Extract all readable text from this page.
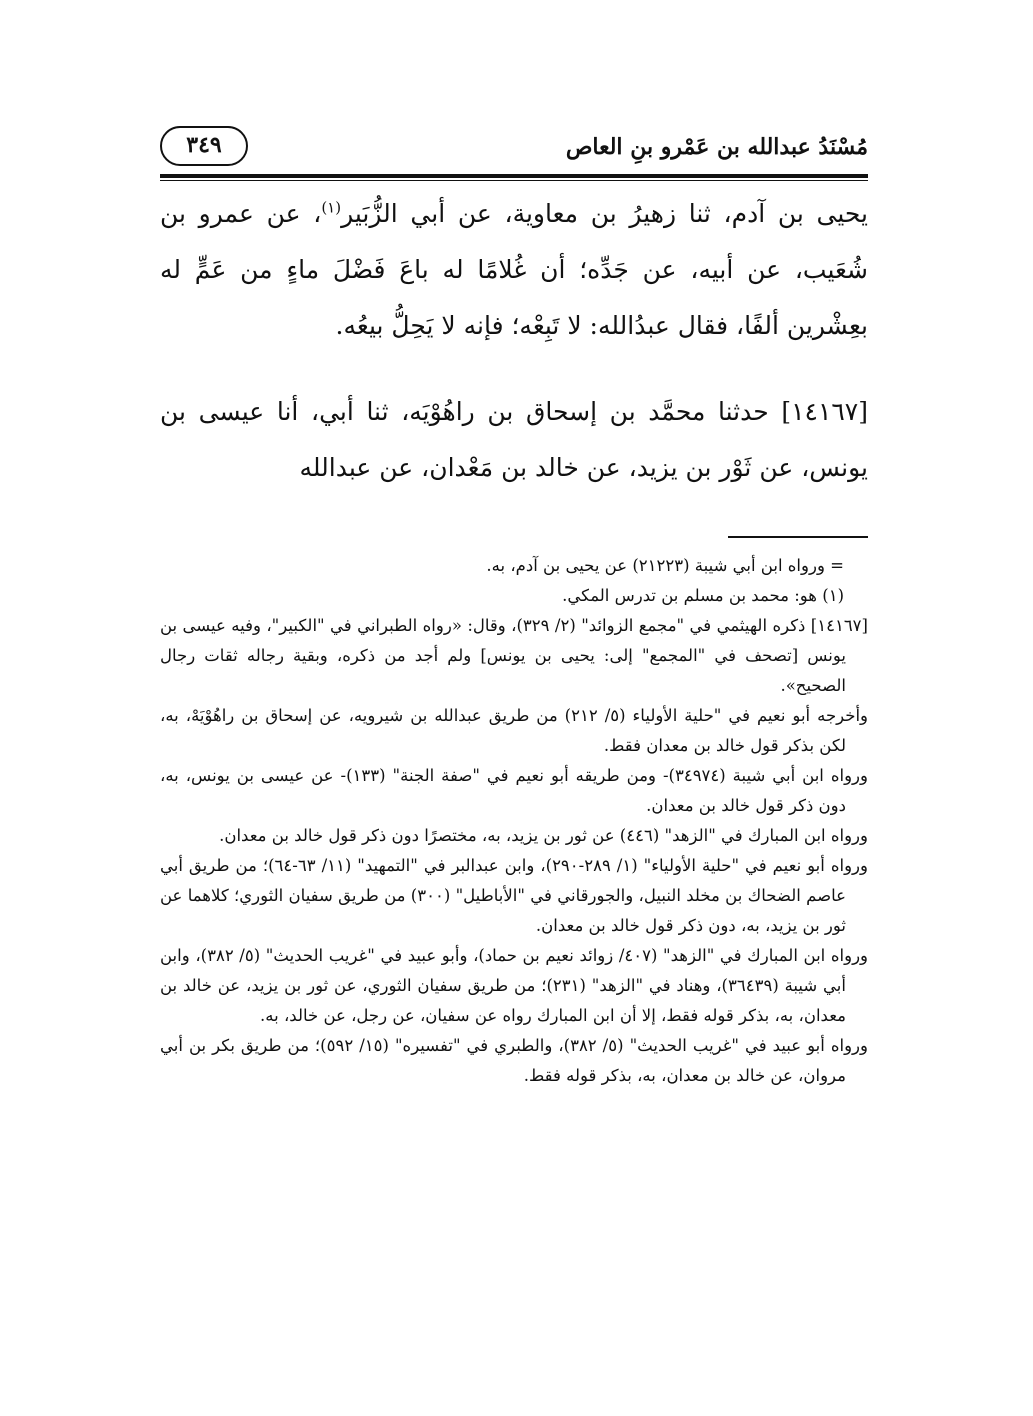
مُسْنَدُ عبدالله بن عَمْرو بنِ العاص
٣٤٩

يحيى بن آدم، ثنا زهيرُ بن معاوية، عن أبي الزُّبَير$^{(١)}$، عن عمرو بن شُعَيب، عن أبيه، عن جَدِّه؛ أن غُلامًا له باعَ فَضْلَ ماءٍ من عَمٍّ له بعِشْرين ألفًا، فقال عبدُالله: لا تَبِعْه؛ فإنه لا يَحِلُّ بيعُه.

[١٤١٦٧] حدثنا محمَّد بن إسحاق بن راهُوْيَه، ثنا أبي، أنا عيسى بن يونس، عن ثَوْر بن يزيد، عن خالد بن مَعْدان، عن عبدالله

= ورواه ابن أبي شيبة (٢١٢٢٣) عن يحيى بن آدم، به.

(١) هو: محمد بن مسلم بن تدرس المكي.

[١٤١٦٧] ذكره الهيثمي في "مجمع الزوائد" (٢/ ٣٢٩)، وقال: «رواه الطبراني في "الكبير"، وفيه عيسى بن يونس [تصحف في "المجمع" إلى: يحيى بن يونس] ولم أجد من ذكره، وبقية رجاله ثقات رجال الصحيح».

وأخرجه أبو نعيم في "حلية الأولياء (٥/ ٢١٢) من طريق عبدالله بن شيرويه، عن إسحاق بن راهُوْيَهْ، به، لكن بذكر قول خالد بن معدان فقط.

ورواه ابن أبي شيبة (٣٤٩٧٤)- ومن طريقه أبو نعيم في "صفة الجنة" (١٣٣)- عن عيسى بن يونس، به، دون ذكر قول خالد بن معدان.

ورواه ابن المبارك في "الزهد" (٤٤٦) عن ثور بن يزيد، به، مختصرًا دون ذكر قول خالد بن معدان.

ورواه أبو نعيم في "حلية الأولياء" (١/ ٢٨٩-٢٩٠)، وابن عبدالبر في "التمهيد" (١١/ ٦٣-٦٤)؛ من طريق أبي عاصم الضحاك بن مخلد النبيل، والجورقاني في "الأباطيل" (٣٠٠) من طريق سفيان الثوري؛ كلاهما عن ثور بن يزيد، به، دون ذكر قول خالد بن معدان.

ورواه ابن المبارك في "الزهد" (٤٠٧/ زوائد نعيم بن حماد)، وأبو عبيد في "غريب الحديث" (٥/ ٣٨٢)، وابن أبي شيبة (٣٦٤٣٩)، وهناد في "الزهد" (٢٣١)؛ من طريق سفيان الثوري، عن ثور بن يزيد، عن خالد بن معدان، به، بذكر قوله فقط، إلا أن ابن المبارك رواه عن سفيان، عن رجل، عن خالد، به.

ورواه أبو عبيد في "غريب الحديث" (٥/ ٣٨٢)، والطبري في "تفسيره" (١٥/ ٥٩٢)؛ من طريق بكر بن أبي مروان، عن خالد بن معدان، به، بذكر قوله فقط.
